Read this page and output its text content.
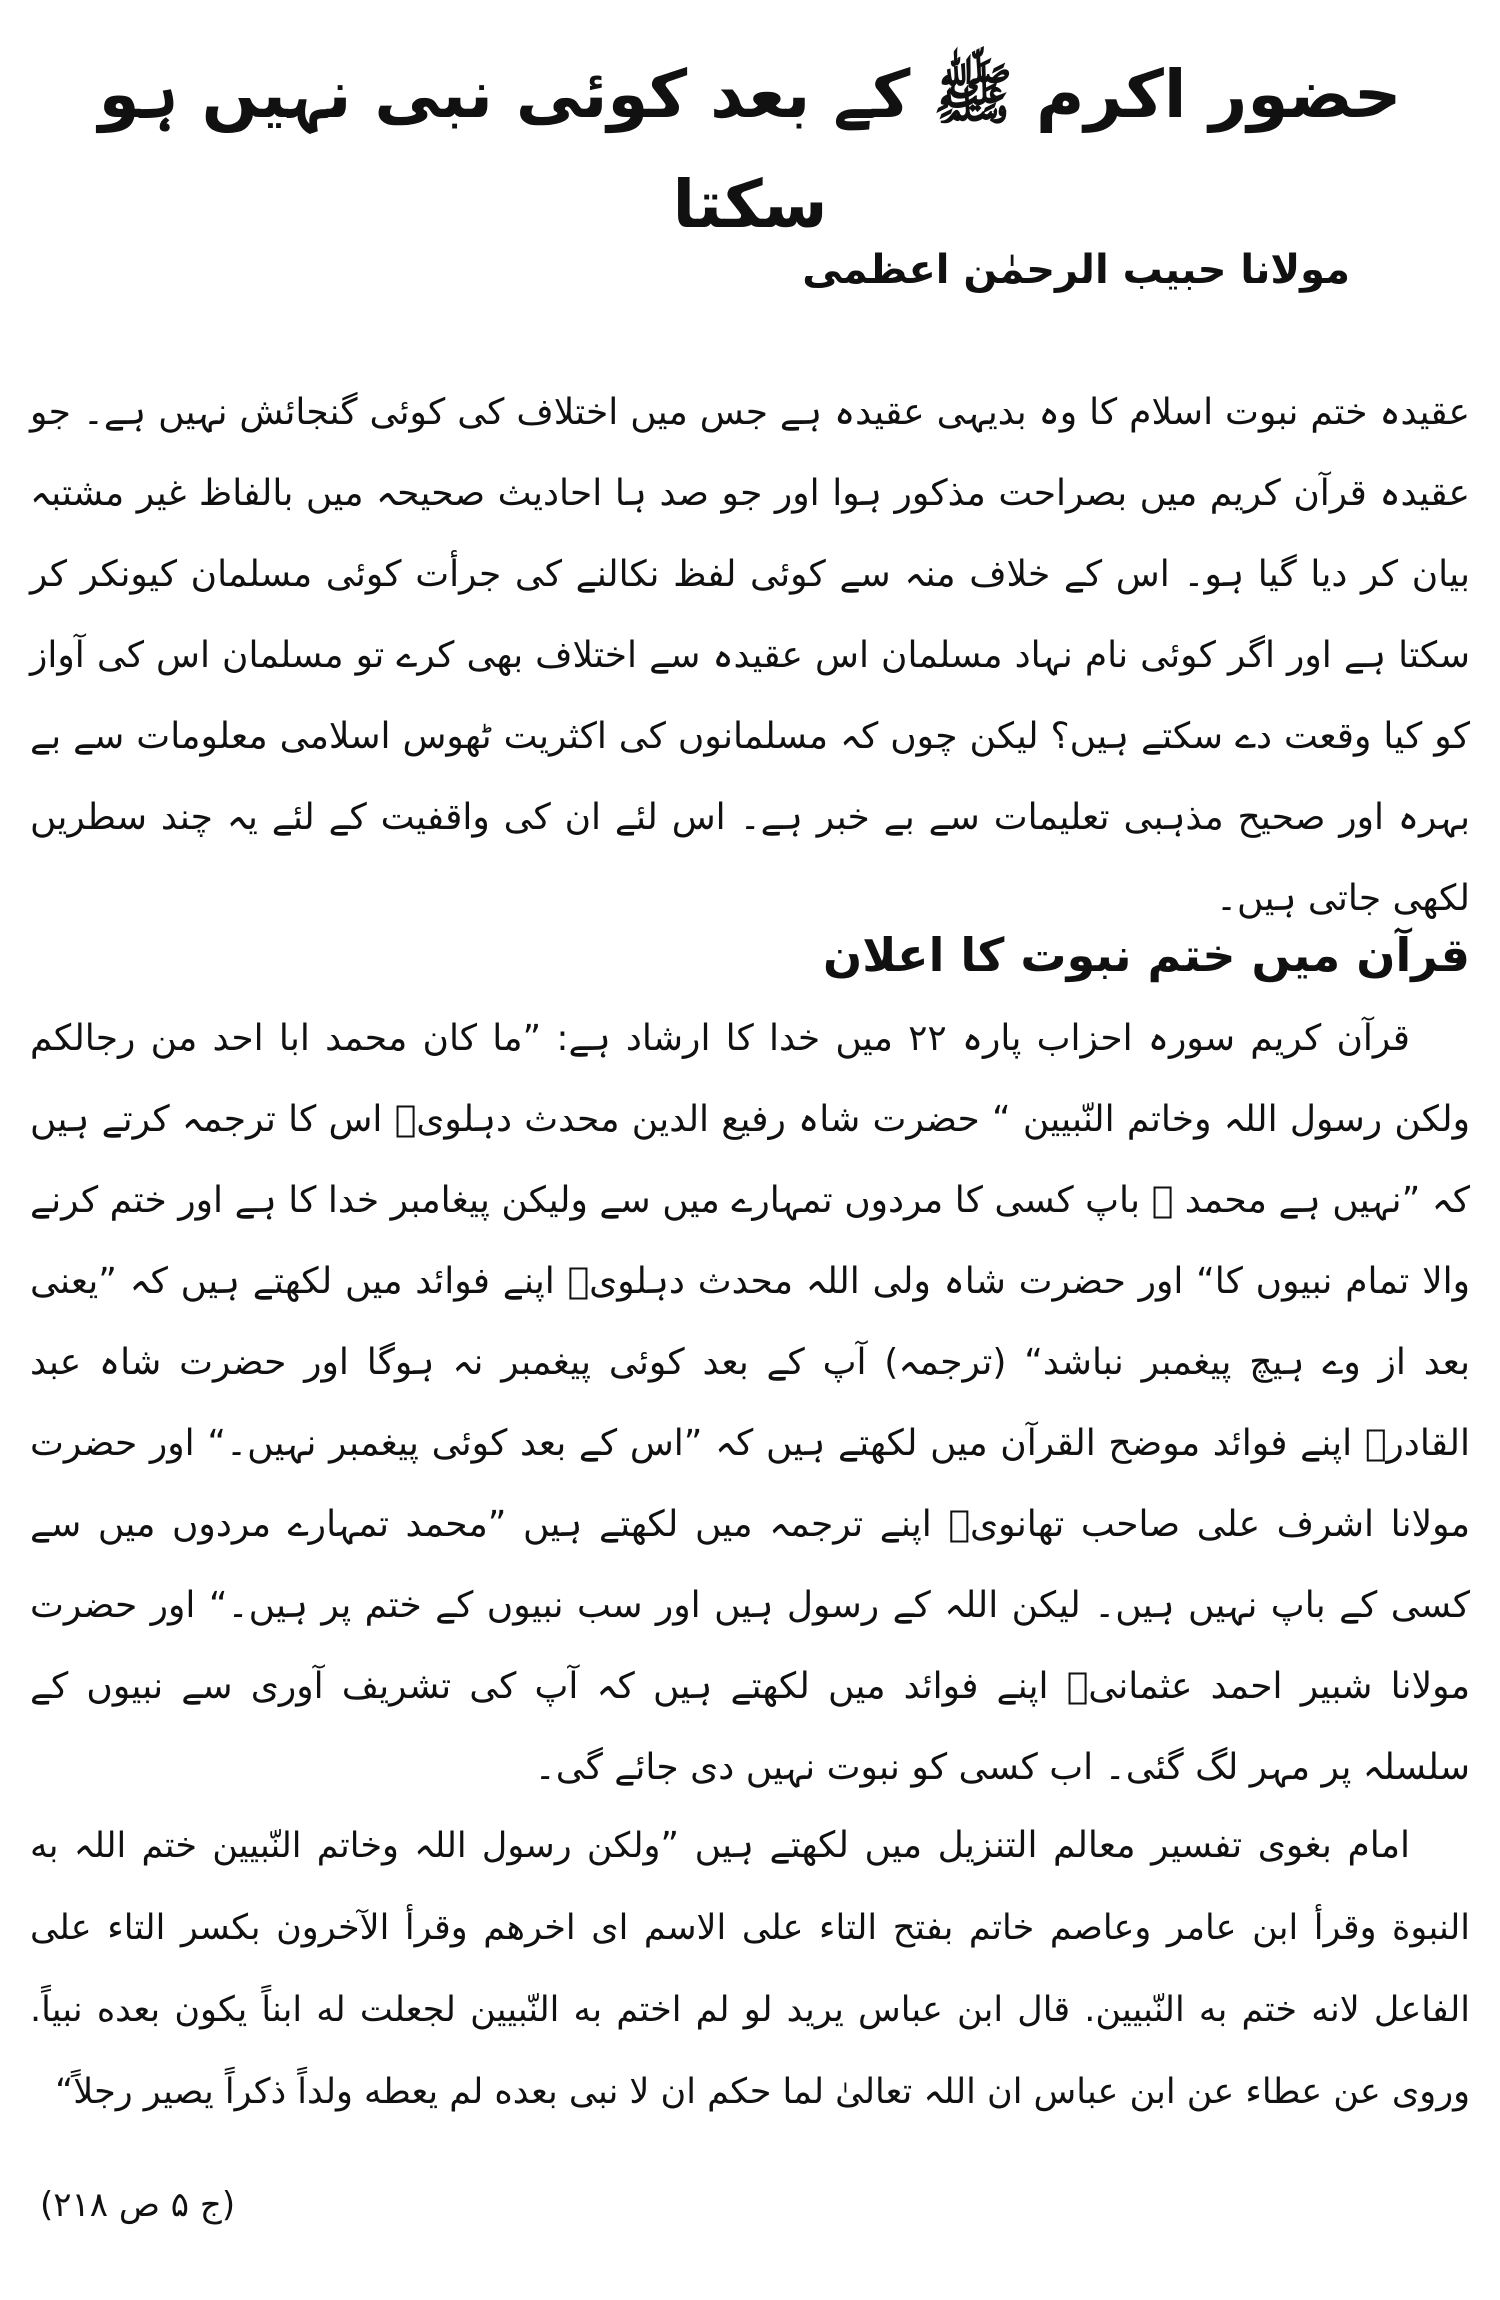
حضور اکرم ﷺ کے بعد کوئی نبی نہیں ہو سکتا
مولانا حبیب الرحمٰن اعظمی

عقیدہ ختم نبوت اسلام کا وہ بدیہی عقیدہ ہے جس میں اختلاف کی کوئی گنجائش نہیں ہے۔ جو عقیدہ قرآن کریم میں بصراحت مذکور ہوا اور جو صد ہا احادیث صحیحہ میں بالفاظ غیر مشتبہ بیان کر دیا گیا ہو۔ اس کے خلاف منہ سے کوئی لفظ نکالنے کی جرأت کوئی مسلمان کیونکر کر سکتا ہے اور اگر کوئی نام نہاد مسلمان اس عقیدہ سے اختلاف بھی کرے تو مسلمان اس کی آواز کو کیا وقعت دے سکتے ہیں؟ لیکن چوں کہ مسلمانوں کی اکثریت ٹھوس اسلامی معلومات سے بے بہرہ اور صحیح مذہبی تعلیمات سے بے خبر ہے۔ اس لئے ان کی واقفیت کے لئے یہ چند سطریں لکھی جاتی ہیں۔

قرآن میں ختم نبوت کا اعلان

قرآن کریم سورہ احزاب پارہ ۲۲ میں خدا کا ارشاد ہے: ”ما کان محمد ابا احد من رجالکم ولکن رسول اللہ وخاتم النّبیین “ حضرت شاہ رفیع الدین محدث دہلویؒ اس کا ترجمہ کرتے ہیں کہ ”نہیں ہے محمد ﷺ باپ کسی کا مردوں تمہارے میں سے ولیکن پیغامبر خدا کا ہے اور ختم کرنے والا تمام نبیوں کا“ اور حضرت شاہ ولی اللہ محدث دہلویؒ اپنے فوائد میں لکھتے ہیں کہ ”یعنی بعد از وے ہیچ پیغمبر نباشد“ (ترجمہ) آپ کے بعد کوئی پیغمبر نہ ہوگا اور حضرت شاہ عبد القادرؒ اپنے فوائد موضح القرآن میں لکھتے ہیں کہ ”اس کے بعد کوئی پیغمبر نہیں۔“ اور حضرت مولانا اشرف علی صاحب تھانویؒ اپنے ترجمہ میں لکھتے ہیں ”محمد تمہارے مردوں میں سے کسی کے باپ نہیں ہیں۔ لیکن اللہ کے رسول ہیں اور سب نبیوں کے ختم پر ہیں۔“ اور حضرت مولانا شبیر احمد عثمانیؒ اپنے فوائد میں لکھتے ہیں کہ آپ کی تشریف آوری سے نبیوں کے سلسلہ پر مہر لگ گئی۔ اب کسی کو نبوت نہیں دی جائے گی۔

امام بغوی تفسیر معالم التنزیل میں لکھتے ہیں ”ولکن رسول اللہ وخاتم النّبیین ختم اللہ به النبوة وقرأ ابن عامر وعاصم خاتم بفتح التاء علی الاسم ای اخرهم وقرأ الآخرون بکسر التاء علی الفاعل لانه ختم به النّبیین. قال ابن عباس یرید لو لم اختم به النّبیین لجعلت له ابناً یکون بعده نبیاً. وروی عن عطاء عن ابن عباس ان اللہ تعالیٰ لما حکم ان لا نبی بعده لم یعطه ولداً ذکراً یصیر رجلاً“

(ج ۵ ص ۲۱۸)
